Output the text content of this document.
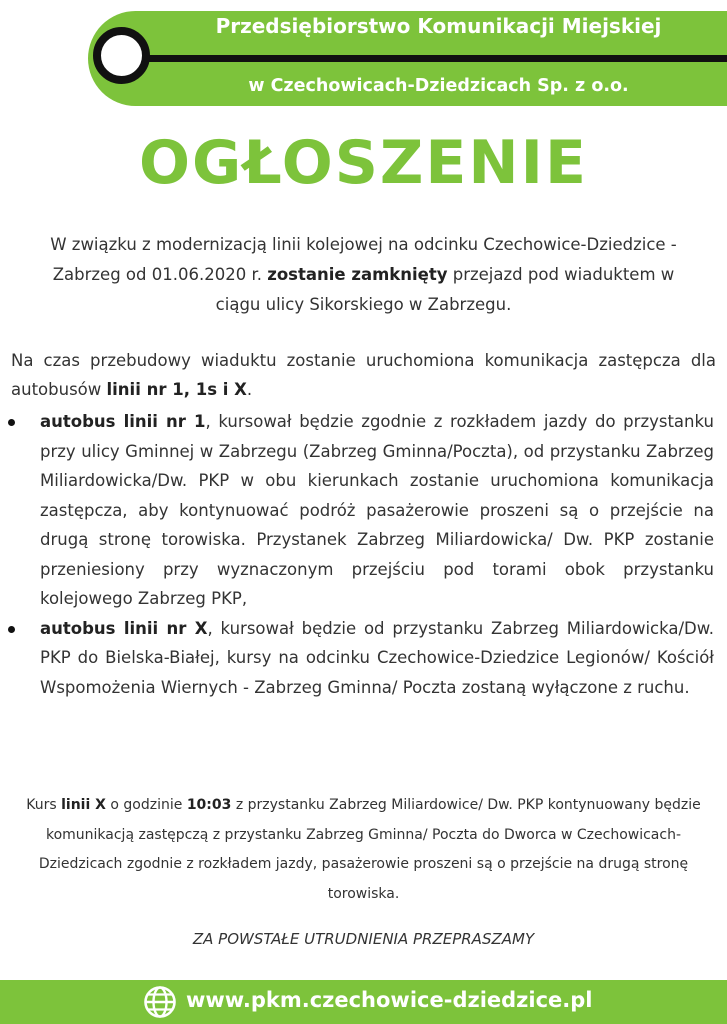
Przedsiębiorstwo Komunikacji Miejskiej
w Czechowicach-Dziedzicach Sp. z o.o.
OGŁOSZENIE

W związku z modernizacją linii kolejowej na odcinku Czechowice-Dziedzice - Zabrzeg od 01.06.2020 r. zostanie zamknięty przejazd pod wiaduktem w ciągu ulicy Sikorskiego w Zabrzegu.

Na czas przebudowy wiaduktu zostanie uruchomiona komunikacja zastępcza dla autobusów linii nr 1, 1s i X.

autobus linii nr 1, kursował będzie zgodnie z rozkładem jazdy do przystanku przy ulicy Gminnej w Zabrzegu (Zabrzeg Gminna/Poczta), od przystanku Zabrzeg Miliardowicka/Dw. PKP w obu kierunkach zostanie uruchomiona komunikacja zastępcza, aby kontynuować podróż pasażerowie proszeni są o przejście na drugą stronę torowiska. Przystanek Zabrzeg Miliardowicka/ Dw. PKP zostanie przeniesiony przy wyznaczonym przejściu pod torami obok przystanku kolejowego Zabrzeg PKP,
autobus linii nr X, kursował będzie od przystanku Zabrzeg Miliardowicka/Dw. PKP do Bielska-Białej, kursy na odcinku Czechowice-Dziedzice Legionów/ Kościół Wspomożenia Wiernych - Zabrzeg Gminna/ Poczta zostaną wyłączone z ruchu.

Kurs linii X o godzinie 10:03 z przystanku Zabrzeg Miliardowice/ Dw. PKP kontynuowany będzie komunikacją zastępczą z przystanku Zabrzeg Gminna/ Poczta do Dworca w Czechowicach-Dziedzicach zgodnie z rozkładem jazdy, pasażerowie proszeni są o przejście na drugą stronę torowiska.

ZA POWSTAŁE UTRUDNIENIA PRZEPRASZAMY

www.pkm.czechowice-dziedzice.pl
